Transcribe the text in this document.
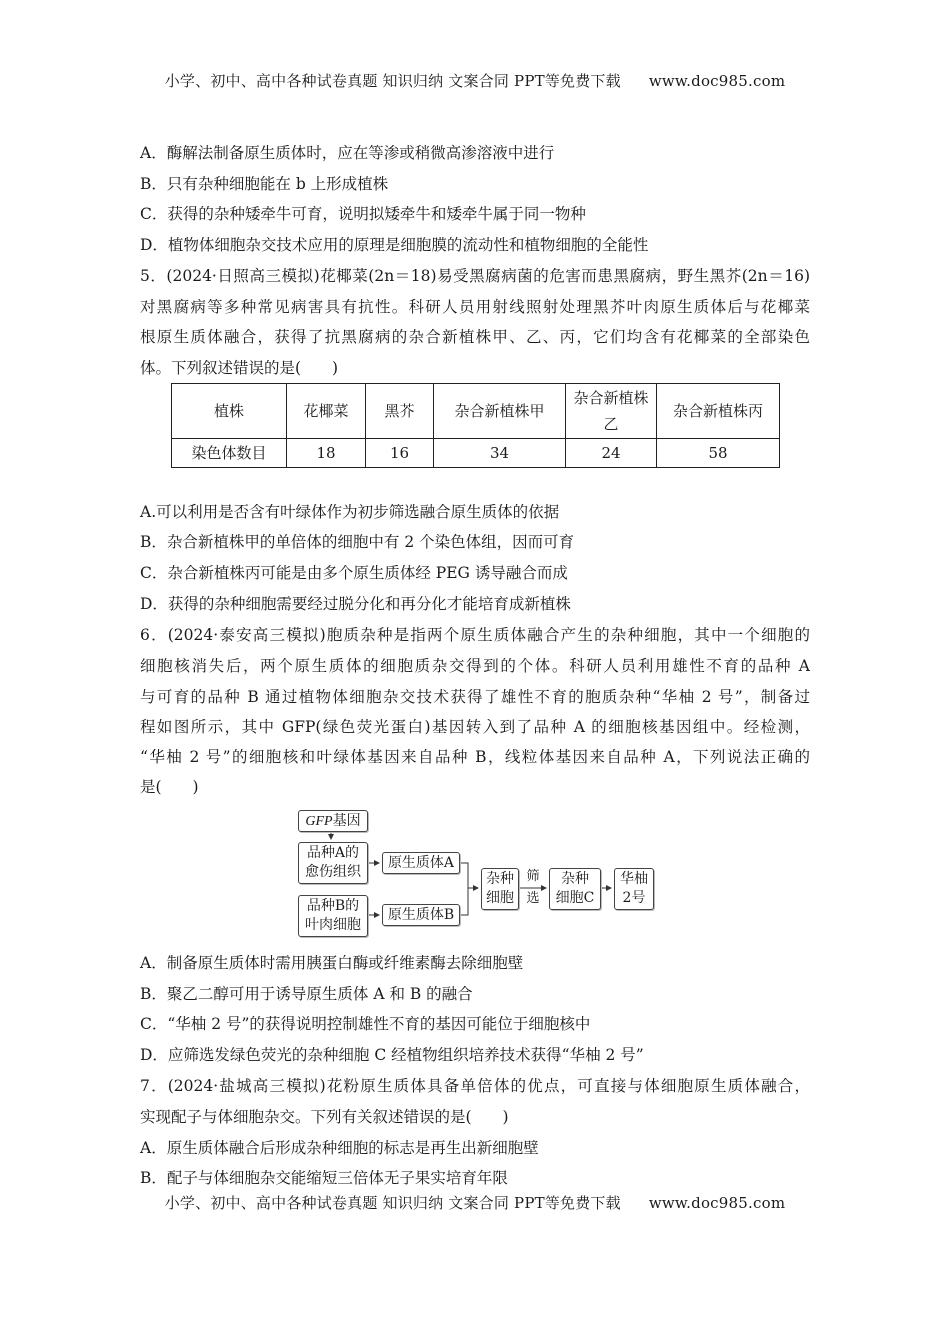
小学、初中、高中各种试卷真题 知识归纳 文案合同 PPT等免费下载 www.doc985.com
A．酶解法制备原生质体时，应在等渗或稍微高渗溶液中进行
B．只有杂种细胞能在 b 上形成植株
C．获得的杂种矮牵牛可育，说明拟矮牵牛和矮牵牛属于同一物种
D．植物体细胞杂交技术应用的原理是细胞膜的流动性和植物细胞的全能性
5．(2024·日照高三模拟)花椰菜(2n＝18)易受黑腐病菌的危害而患黑腐病，野生黑芥(2n＝16)
对黑腐病等多种常见病害具有抗性。科研人员用射线照射处理黑芥叶肉原生质体后与花椰菜
根原生质体融合，获得了抗黑腐病的杂合新植株甲、乙、丙，它们均含有花椰菜的全部染色
体。下列叙述错误的是(　　)
植株	花椰菜	黑芥	杂合新植株甲	杂合新植株乙	杂合新植株丙
染色体数目	18	16	34	24	58
A.可以利用是否含有叶绿体作为初步筛选融合原生质体的依据
B．杂合新植株甲的单倍体的细胞中有 2 个染色体组，因而可育
C．杂合新植株丙可能是由多个原生质体经 PEG 诱导融合而成
D．获得的杂种细胞需要经过脱分化和再分化才能培育成新植株
6．(2024·泰安高三模拟)胞质杂种是指两个原生质体融合产生的杂种细胞，其中一个细胞的
细胞核消失后，两个原生质体的细胞质杂交得到的个体。科研人员利用雄性不育的品种 A
与可育的品种 B 通过植物体细胞杂交技术获得了雄性不育的胞质杂种“华柚 2 号”，制备过
程如图所示，其中 GFP(绿色荧光蛋白)基因转入到了品种 A 的细胞核基因组中。经检测，
“华柚 2 号”的细胞核和叶绿体基因来自品种 B，线粒体基因来自品种 A，下列说法正确的
是(　　)
GFP基因
品种A的
愈伤组织
品种B的
叶肉细胞
原生质体A
原生质体B
杂种
细胞
筛
选
杂种
细胞C
华柚
2号
A．制备原生质体时需用胰蛋白酶或纤维素酶去除细胞壁
B．聚乙二醇可用于诱导原生质体 A 和 B 的融合
C．“华柚 2 号”的获得说明控制雄性不育的基因可能位于细胞核中
D．应筛选发绿色荧光的杂种细胞 C 经植物组织培养技术获得“华柚 2 号”
7．(2024·盐城高三模拟)花粉原生质体具备单倍体的优点，可直接与体细胞原生质体融合，
实现配子与体细胞杂交。下列有关叙述错误的是(　　)
A．原生质体融合后形成杂种细胞的标志是再生出新细胞壁
B．配子与体细胞杂交能缩短三倍体无子果实培育年限
小学、初中、高中各种试卷真题 知识归纳 文案合同 PPT等免费下载 www.doc985.com
